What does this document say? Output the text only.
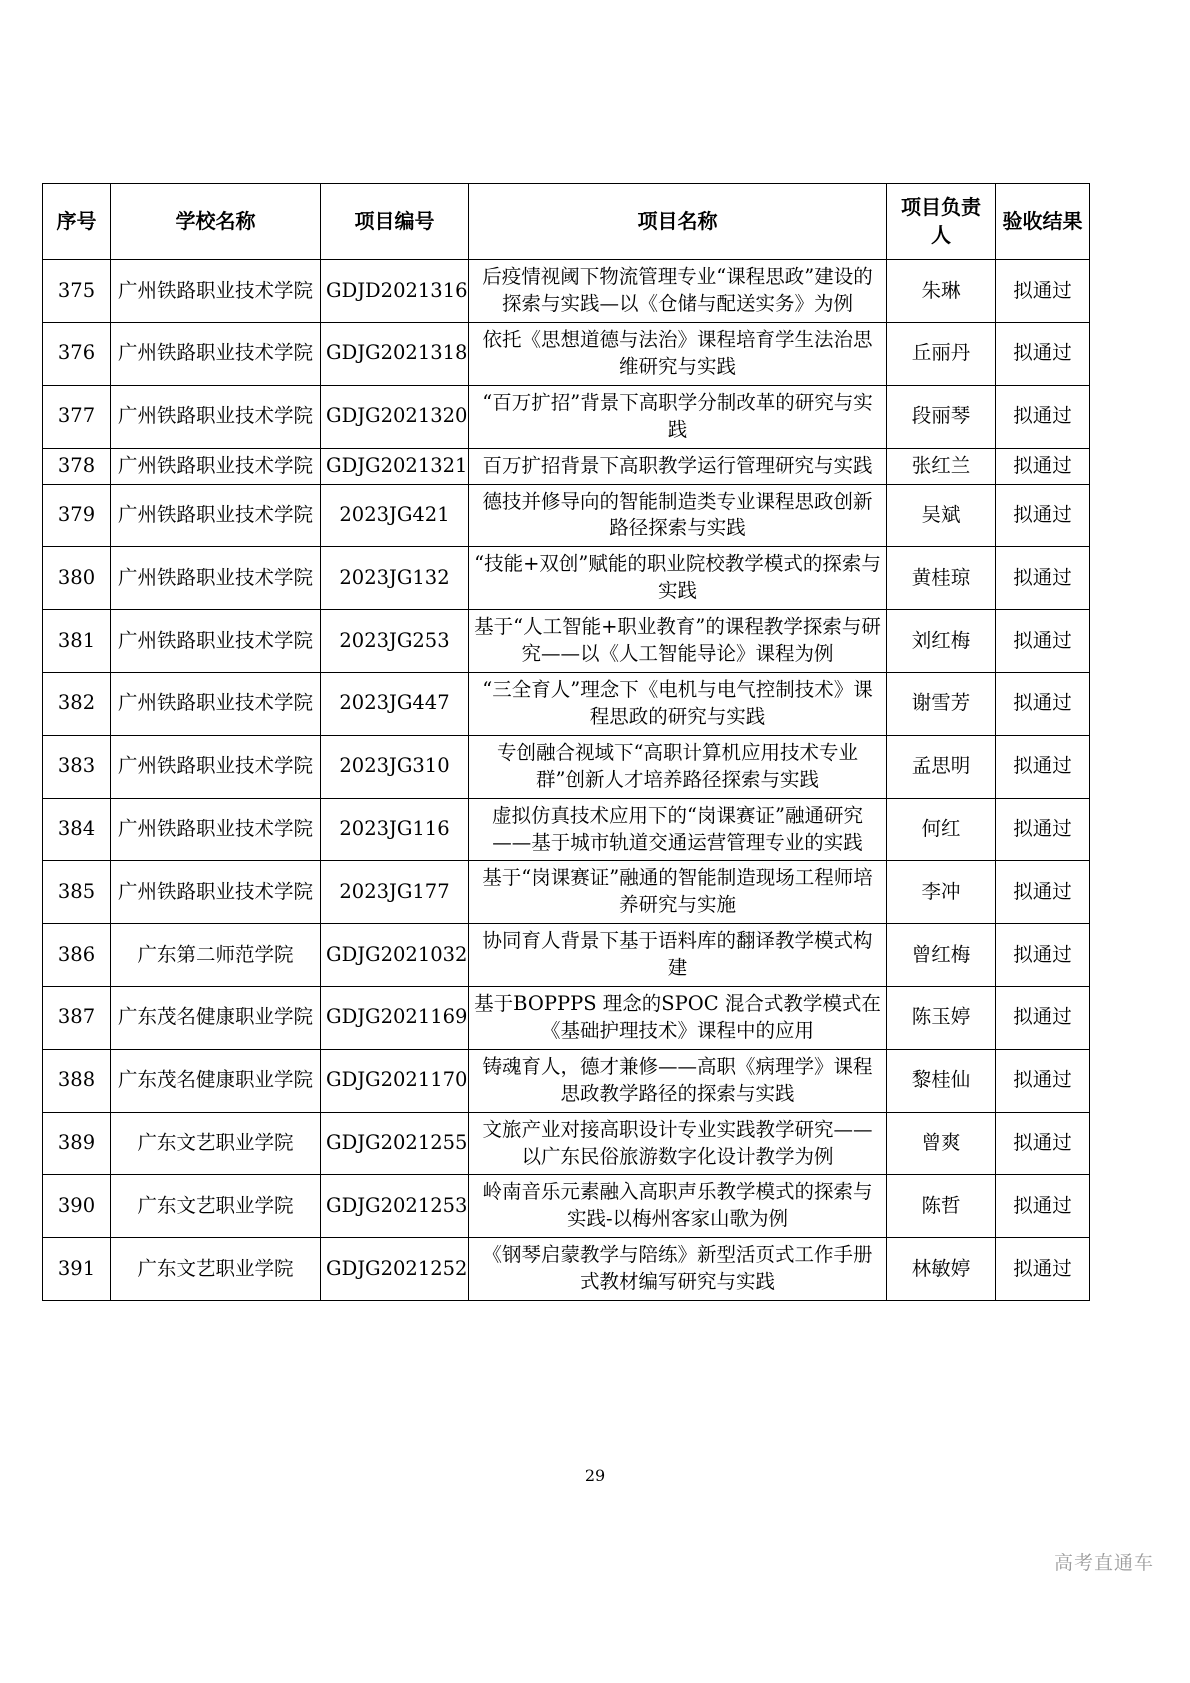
序号	学校名称	项目编号	项目名称	项目负责人	验收结果
375	广州铁路职业技术学院	GDJD2021316	后疫情视阈下物流管理专业“课程思政”建设的探索与实践—以《仓储与配送实务》为例	朱琳	拟通过
376	广州铁路职业技术学院	GDJG2021318	依托《思想道德与法治》课程培育学生法治思维研究与实践	丘丽丹	拟通过
377	广州铁路职业技术学院	GDJG2021320	“百万扩招”背景下高职学分制改革的研究与实践	段丽琴	拟通过
378	广州铁路职业技术学院	GDJG2021321	百万扩招背景下高职教学运行管理研究与实践	张红兰	拟通过
379	广州铁路职业技术学院	2023JG421	德技并修导向的智能制造类专业课程思政创新路径探索与实践	吴斌	拟通过
380	广州铁路职业技术学院	2023JG132	“技能+双创”赋能的职业院校教学模式的探索与实践	黄桂琼	拟通过
381	广州铁路职业技术学院	2023JG253	基于“人工智能+职业教育”的课程教学探索与研究——以《人工智能导论》课程为例	刘红梅	拟通过
382	广州铁路职业技术学院	2023JG447	“三全育人”理念下《电机与电气控制技术》课程思政的研究与实践	谢雪芳	拟通过
383	广州铁路职业技术学院	2023JG310	专创融合视域下“高职计算机应用技术专业群”创新人才培养路径探索与实践	孟思明	拟通过
384	广州铁路职业技术学院	2023JG116	虚拟仿真技术应用下的“岗课赛证”融通研究——基于城市轨道交通运营管理专业的实践	何红	拟通过
385	广州铁路职业技术学院	2023JG177	基于“岗课赛证”融通的智能制造现场工程师培养研究与实施	李冲	拟通过
386	广东第二师范学院	GDJG2021032	协同育人背景下基于语料库的翻译教学模式构建	曾红梅	拟通过
387	广东茂名健康职业学院	GDJG2021169	基于BOPPPS 理念的SPOC 混合式教学模式在《基础护理技术》课程中的应用	陈玉婷	拟通过
388	广东茂名健康职业学院	GDJG2021170	铸魂育人，德才兼修——高职《病理学》课程思政教学路径的探索与实践	黎桂仙	拟通过
389	广东文艺职业学院	GDJG2021255	文旅产业对接高职设计专业实践教学研究——以广东民俗旅游数字化设计教学为例	曾爽	拟通过
390	广东文艺职业学院	GDJG2021253	岭南音乐元素融入高职声乐教学模式的探索与实践-以梅州客家山歌为例	陈哲	拟通过
391	广东文艺职业学院	GDJG2021252	《钢琴启蒙教学与陪练》新型活页式工作手册式教材编写研究与实践	林敏婷	拟通过
29
高考直通车
